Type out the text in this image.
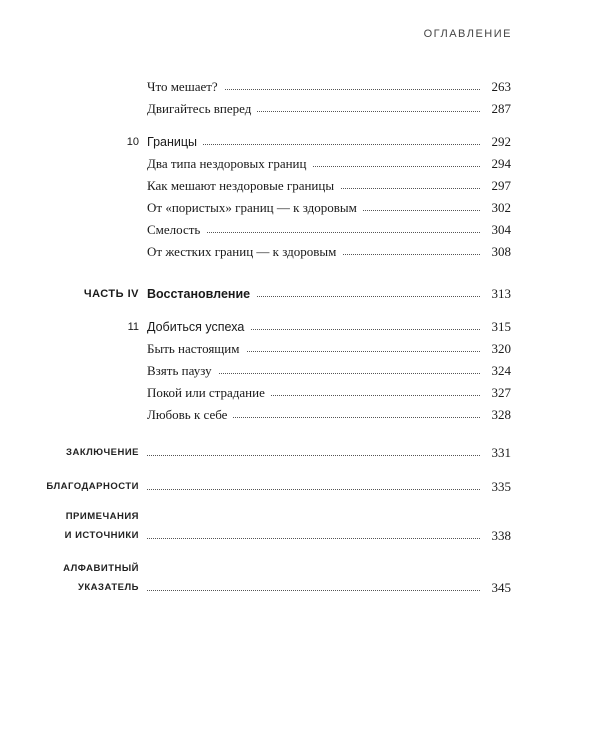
ОГЛАВЛЕНИЕ
Что мешает?	263
Двигайтесь вперед	287
10 Границы	292
Два типа нездоровых границ	294
Как мешают нездоровые границы	297
От «пористых» границ — к здоровым	302
Смелость	304
От жестких границ — к здоровым	308
ЧАСТЬ IV Восстановление	313
11 Добиться успеха	315
Быть настоящим	320
Взять паузу	324
Покой или страдание	327
Любовь к себе	328
ЗАКЛЮЧЕНИЕ	331
БЛАГОДАРНОСТИ	335
ПРИМЕЧАНИЯ
И ИСТОЧНИКИ	338
АЛФАВИТНЫЙ
УКАЗАТЕЛЬ	345
